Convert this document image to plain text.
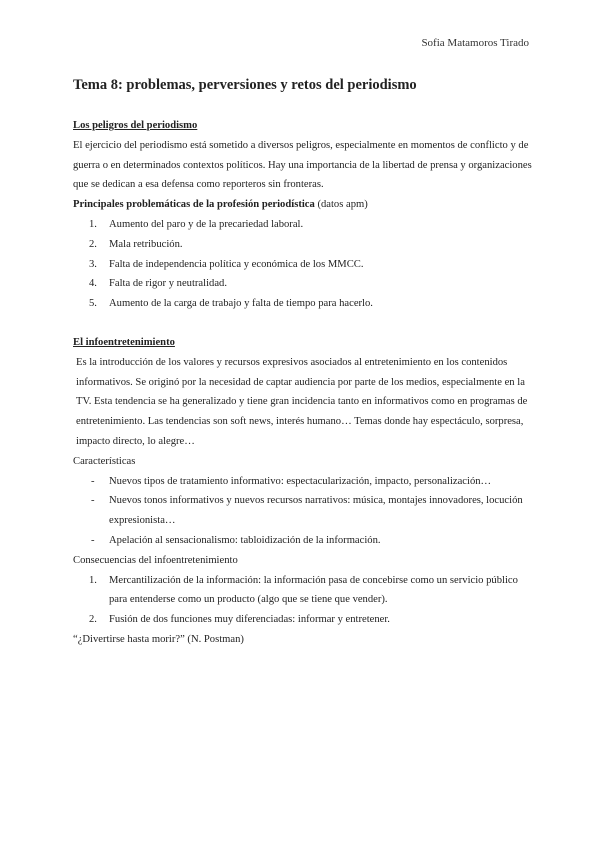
Sofia Matamoros Tirado
Tema 8: problemas, perversiones y retos del periodismo

Los peligros del periodismo

El ejercicio del periodismo está sometido a diversos peligros, especialmente en momentos de conflicto y de guerra o en determinados contextos políticos. Hay una importancia de la libertad de prensa y organizaciones que se dedican a esa defensa como reporteros sin fronteras.

Principales problemáticas de la profesión periodística (datos apm)

1. Aumento del paro y de la precariedad laboral.
2. Mala retribución.
3. Falta de independencia política y económica de los MMCC.
4. Falta de rigor y neutralidad.
5. Aumento de la carga de trabajo y falta de tiempo para hacerlo.

El infoentretenimiento

Es la introducción de los valores y recursos expresivos asociados al entretenimiento en los contenidos informativos. Se originó por la necesidad de captar audiencia por parte de los medios, especialmente en la TV. Esta tendencia se ha generalizado y tiene gran incidencia tanto en informativos como en programas de entretenimiento. Las tendencias son soft news, interés humano… Temas donde hay espectáculo, sorpresa, impacto directo, lo alegre…

Características

- Nuevos tipos de tratamiento informativo: espectacularización, impacto, personalización…
- Nuevos tonos informativos y nuevos recursos narrativos: música, montajes innovadores, locución expresionista…
- Apelación al sensacionalismo: tabloidización de la información.

Consecuencias del infoentretenimiento

1. Mercantilización de la información: la información pasa de concebirse como un servicio público para entenderse como un producto (algo que se tiene que vender).
2. Fusión de dos funciones muy diferenciadas: informar y entretener.

“¿Divertirse hasta morir?” (N. Postman)
